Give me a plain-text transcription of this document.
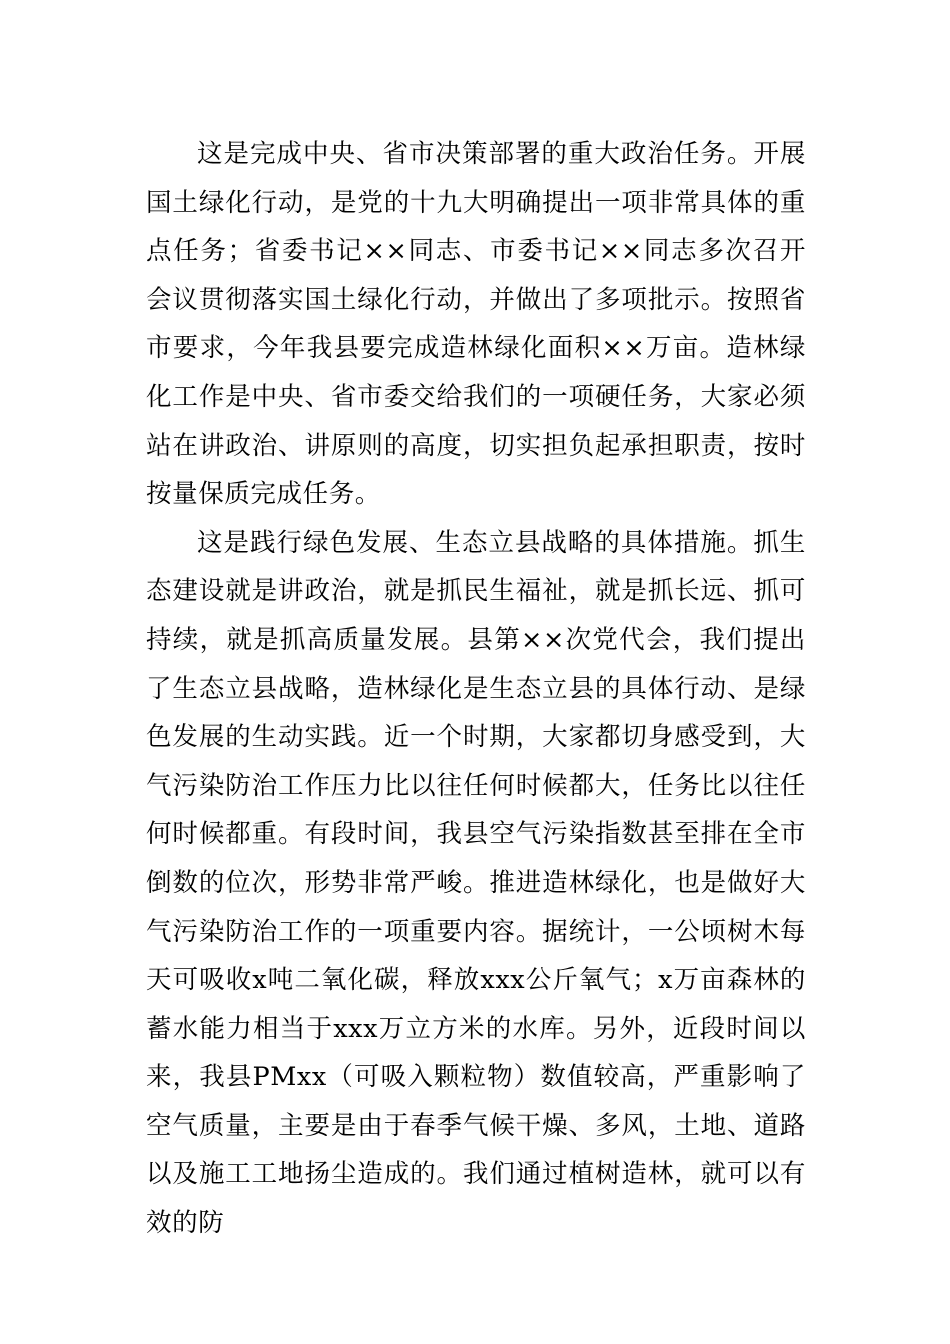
这是完成中央、省市决策部署的重大政治任务。开展国土绿化行动，是党的十九大明确提出一项非常具体的重点任务；省委书记××同志、市委书记××同志多次召开会议贯彻落实国土绿化行动，并做出了多项批示。按照省市要求，今年我县要完成造林绿化面积××万亩。造林绿化工作是中央、省市委交给我们的一项硬任务，大家必须站在讲政治、讲原则的高度，切实担负起承担职责，按时按量保质完成任务。

这是践行绿色发展、生态立县战略的具体措施。抓生态建设就是讲政治，就是抓民生福祉，就是抓长远、抓可持续，就是抓高质量发展。县第××次党代会，我们提出了生态立县战略，造林绿化是生态立县的具体行动、是绿色发展的生动实践。近一个时期，大家都切身感受到，大气污染防治工作压力比以往任何时候都大，任务比以往任何时候都重。有段时间，我县空气污染指数甚至排在全市倒数的位次，形势非常严峻。推进造林绿化，也是做好大气污染防治工作的一项重要内容。据统计，一公顷树木每天可吸收x吨二氧化碳，释放xxx公斤氧气；x万亩森林的蓄水能力相当于xxx万立方米的水库。另外，近段时间以来，我县PMxx（可吸入颗粒物）数值较高，严重影响了空气质量，主要是由于春季气候干燥、多风，土地、道路以及施工工地扬尘造成的。我们通过植树造林，就可以有效的防
